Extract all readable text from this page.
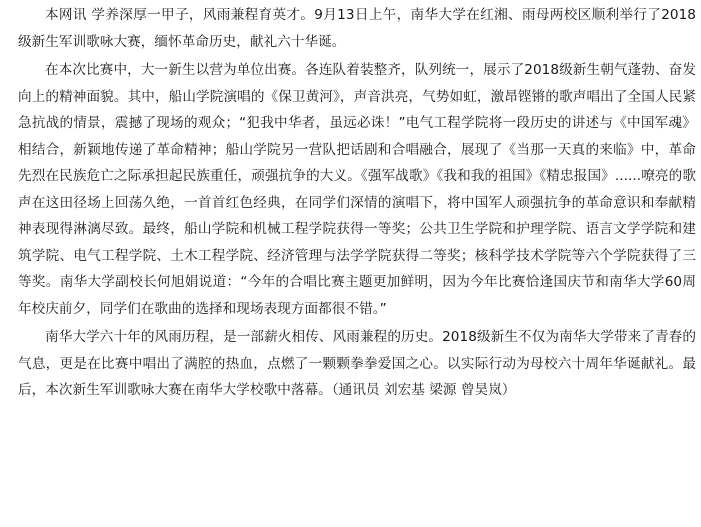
本网讯 学养深厚一甲子，风雨兼程育英才。9月13日上午，南华大学在红湘、雨母两校区顺利举行了2018级新生军训歌咏大赛，缅怀革命历史，献礼六十华诞。

在本次比赛中，大一新生以营为单位出赛。各连队着装整齐，队列统一，展示了2018级新生朝气蓬勃、奋发向上的精神面貌。其中，船山学院演唱的《保卫黄河》，声音洪亮，气势如虹，激昂铿锵的歌声唱出了全国人民紧急抗战的情景，震撼了现场的观众；“犯我中华者，虽远必诛！”电气工程学院将一段历史的讲述与《中国军魂》相结合，新颖地传递了革命精神；船山学院另一营队把话剧和合唱融合，展现了《当那一天真的来临》中，革命先烈在民族危亡之际承担起民族重任，顽强抗争的大义。《强军战歌》《我和我的祖国》《精忠报国》......嘹亮的歌声在这田径场上回荡久绝，一首首红色经典，在同学们深情的演唱下，将中国军人顽强抗争的革命意识和奉献精神表现得淋漓尽致。最终，船山学院和机械工程学院获得一等奖；公共卫生学院和护理学院、语言文学学院和建筑学院、电气工程学院、土木工程学院、经济管理与法学学院获得二等奖；核科学技术学院等六个学院获得了三等奖。南华大学副校长何旭娟说道：“今年的合唱比赛主题更加鲜明，因为今年比赛恰逢国庆节和南华大学60周年校庆前夕，同学们在歌曲的选择和现场表现方面都很不错。”

南华大学六十年的风雨历程，是一部薪火相传、风雨兼程的历史。2018级新生不仅为南华大学带来了青春的气息，更是在比赛中唱出了满腔的热血，点燃了一颗颗拳拳爱国之心。以实际行动为母校六十周年华诞献礼。最后，本次新生军训歌咏大赛在南华大学校歌中落幕。（通讯员 刘宏基 梁源 曾昊岚）
